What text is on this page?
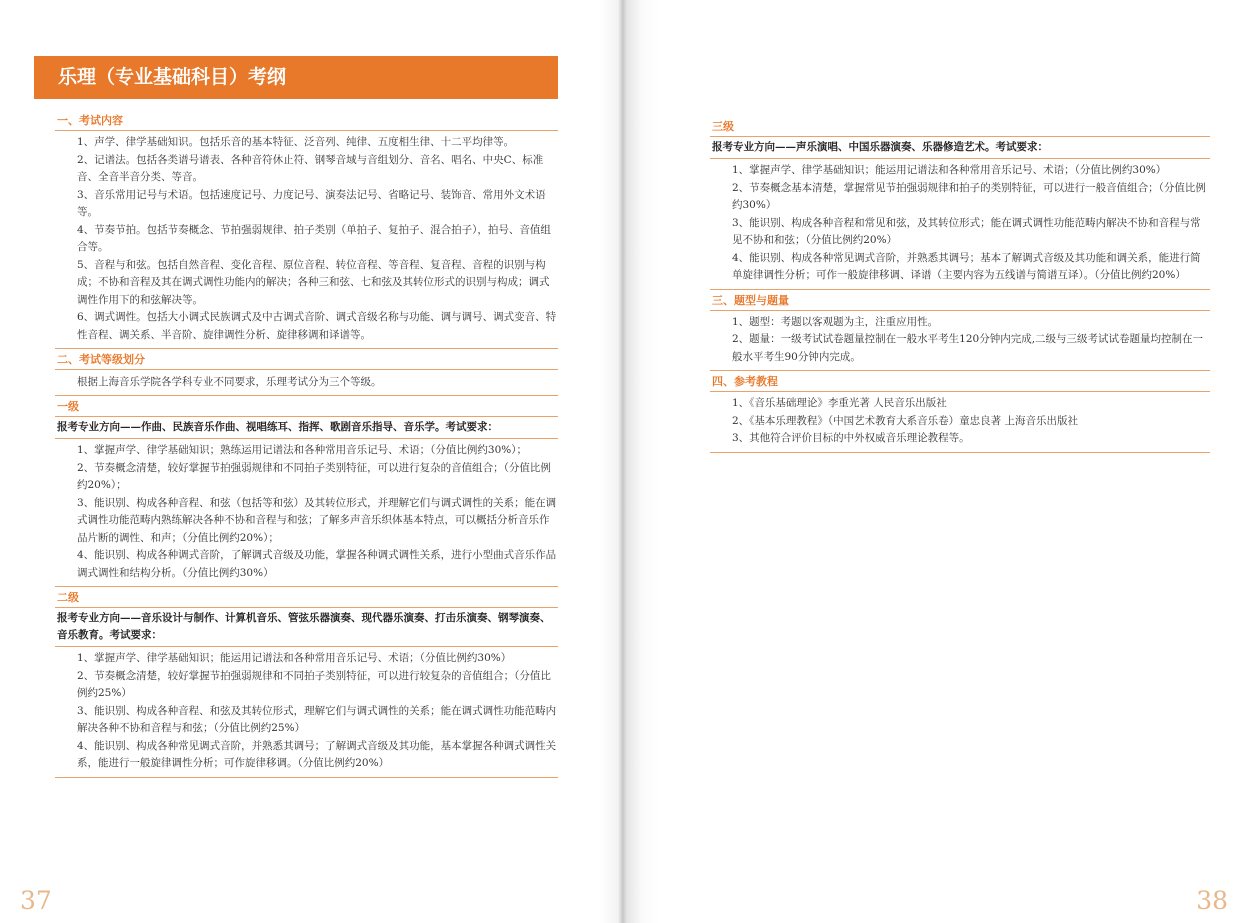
乐理（专业基础科目）考纲
一、考试内容
1、声学、律学基础知识。包括乐音的基本特征、泛音列、纯律、五度相生律、十二平均律等。
2、记谱法。包括各类谱号谱表、各种音符休止符、钢琴音域与音组划分、音名、唱名、中央C、标准音、全音半音分类、等音。
3、音乐常用记号与术语。包括速度记号、力度记号、演奏法记号、省略记号、装饰音、常用外文术语等。
4、节奏节拍。包括节奏概念、节拍强弱规律、拍子类别（单拍子、复拍子、混合拍子），拍号、音值组合等。
5、音程与和弦。包括自然音程、变化音程、原位音程、转位音程、等音程、复音程、音程的识别与构成；不协和音程及其在调式调性功能内的解决；各种三和弦、七和弦及其转位形式的识别与构成；调式调性作用下的和弦解决等。
6、调式调性。包括大小调式民族调式及中古调式音阶、调式音级名称与功能、调与调号、调式变音、特性音程、调关系、半音阶、旋律调性分析、旋律移调和译谱等。
二、考试等级划分
根据上海音乐学院各学科专业不同要求，乐理考试分为三个等级。
一级
报考专业方向——作曲、民族音乐作曲、视唱练耳、指挥、歌剧音乐指导、音乐学。考试要求：
1、掌握声学、律学基础知识；熟练运用记谱法和各种常用音乐记号、术语；（分值比例约30%）；
2、节奏概念清楚，较好掌握节拍强弱规律和不同拍子类别特征，可以进行复杂的音值组合；（分值比例约20%）；
3、能识别、构成各种音程、和弦（包括等和弦）及其转位形式，并理解它们与调式调性的关系；能在调式调性功能范畴内熟练解决各种不协和音程与和弦；了解多声音乐织体基本特点，可以概括分析音乐作品片断的调性、和声；（分值比例约20%）；
4、能识别、构成各种调式音阶，了解调式音级及功能，掌握各种调式调性关系，进行小型曲式音乐作品调式调性和结构分析。（分值比例约30%）
二级
报考专业方向——音乐设计与制作、计算机音乐、管弦乐器演奏、现代器乐演奏、打击乐演奏、钢琴演奏、音乐教育。考试要求：
1、掌握声学、律学基础知识；能运用记谱法和各种常用音乐记号、术语；（分值比例约30%）
2、节奏概念清楚，较好掌握节拍强弱规律和不同拍子类别特征，可以进行较复杂的音值组合；（分值比例约25%）
3、能识别、构成各种音程、和弦及其转位形式，理解它们与调式调性的关系；能在调式调性功能范畴内解决各种不协和音程与和弦；（分值比例约25%）
4、能识别、构成各种常见调式音阶，并熟悉其调号；了解调式音级及其功能，基本掌握各种调式调性关系，能进行一般旋律调性分析；可作旋律移调。（分值比例约20%）
37
三级
报考专业方向——声乐演唱、中国乐器演奏、乐器修造艺术。考试要求：
1、掌握声学、律学基础知识；能运用记谱法和各种常用音乐记号、术语；（分值比例约30%）
2、节奏概念基本清楚，掌握常见节拍强弱规律和拍子的类别特征，可以进行一般音值组合；（分值比例约30%）
3、能识别、构成各种音程和常见和弦，及其转位形式；能在调式调性功能范畴内解决不协和音程与常见不协和和弦；（分值比例约20%）
4、能识别、构成各种常见调式音阶，并熟悉其调号；基本了解调式音级及其功能和调关系，能进行简单旋律调性分析；可作一般旋律移调、译谱（主要内容为五线谱与简谱互译）。（分值比例约20%）
三、题型与题量
1、题型：考题以客观题为主，注重应用性。
2、题量：一级考试试卷题量控制在一般水平考生120分钟内完成,二级与三级考试试卷题量均控制在一般水平考生90分钟内完成。
四、参考教程
1、《音乐基础理论》李重光著 人民音乐出版社
2、《基本乐理教程》（中国艺术教育大系音乐卷）童忠良著 上海音乐出版社
3、其他符合评价目标的中外权威音乐理论教程等。
38
